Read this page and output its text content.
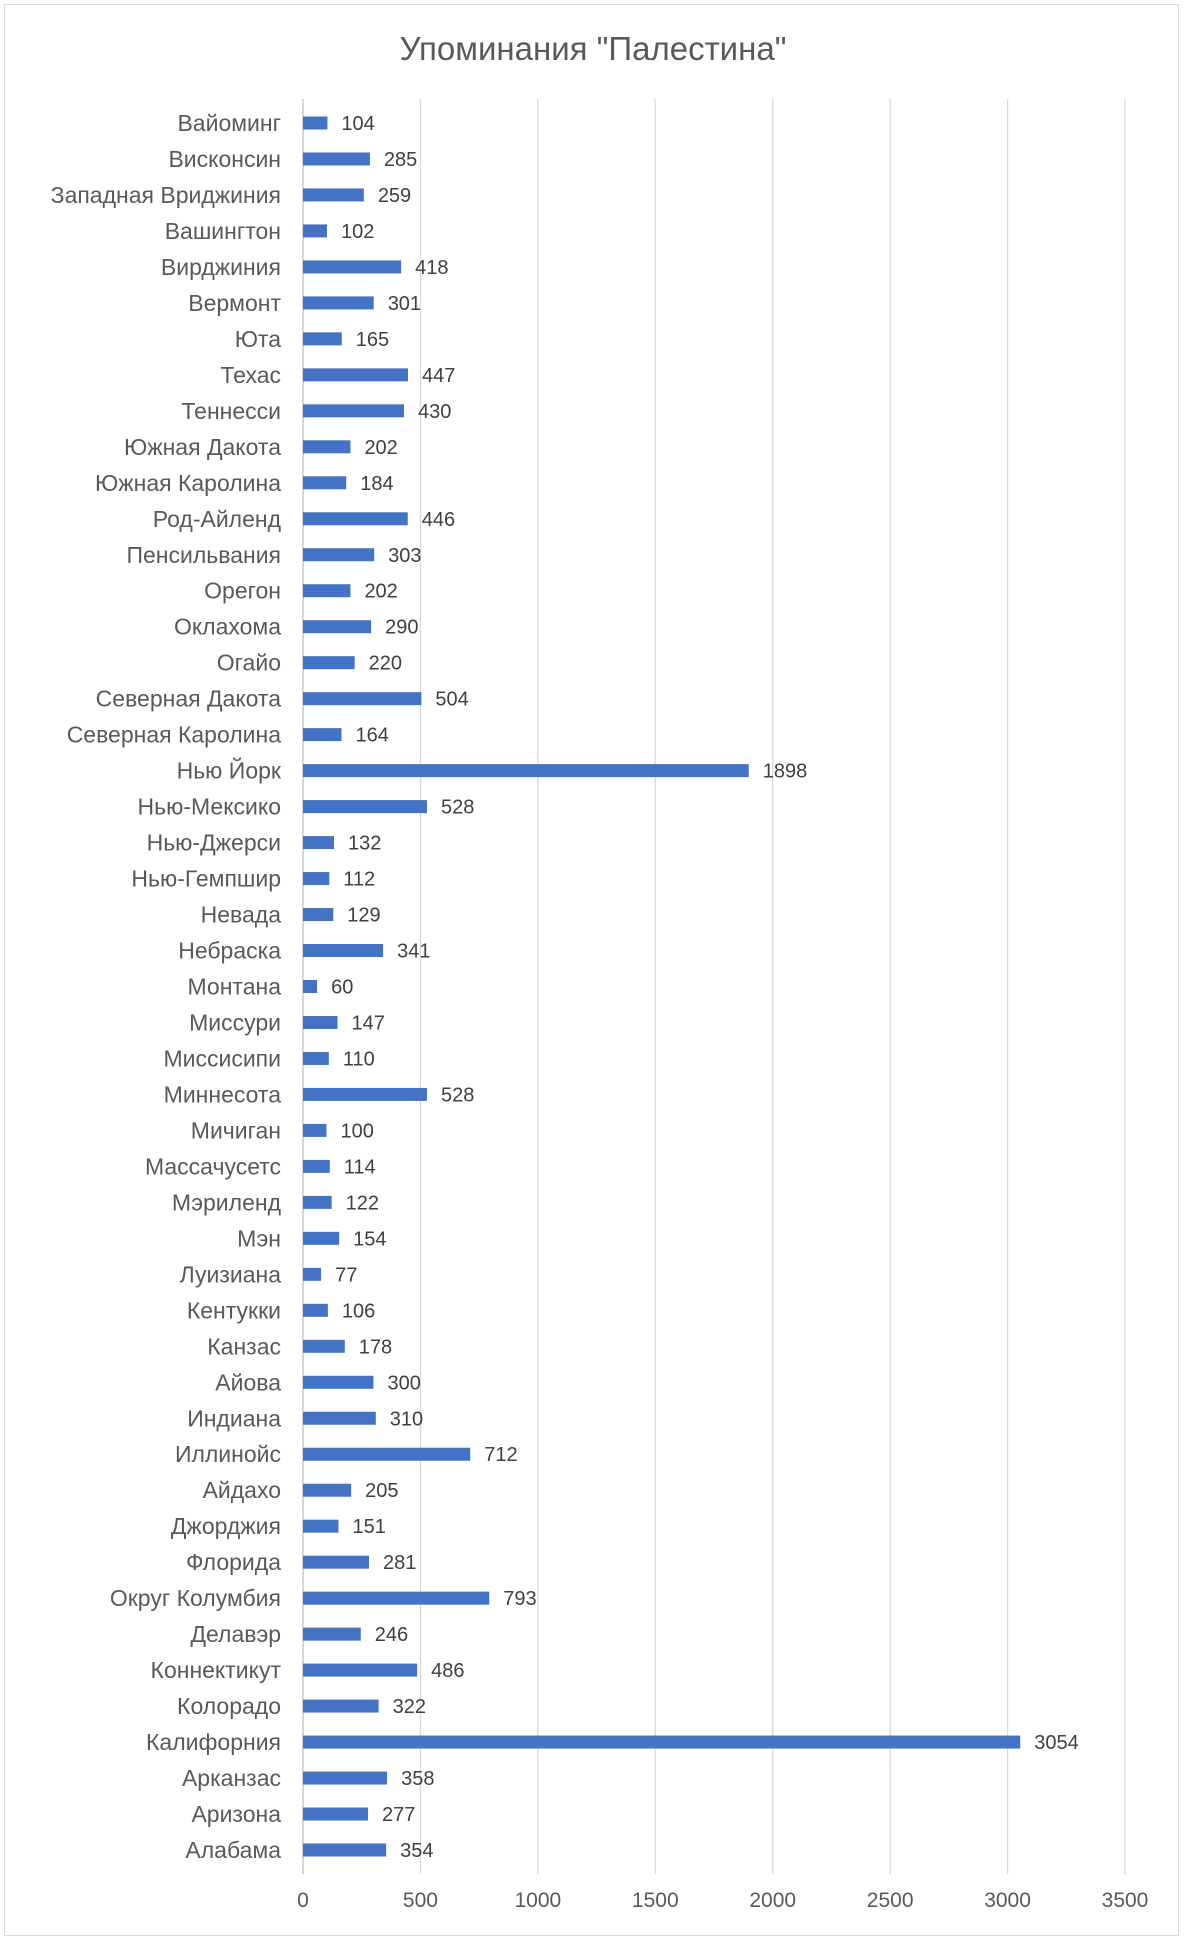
Упоминания "Палестина"
Вайоминг
Висконсин
Западная Вриджиния
Вашингтон
Вирджиния
Вермонт
Юта
Техас
Теннесси
Южная Дакота
Южная Каролина
Род-Айленд
Пенсильвания
Орегон
Оклахома
Огайо
Северная Дакота
Северная Каролина
Нью Йорк
Нью-Мексико
Нью-Джерси
Нью-Гемпшир
Невада
Небраска
Монтана
Миссури
Миссисипи
Миннесота
Мичиган
Массачусетс
Мэриленд
Мэн
Луизиана
Кентукки
Канзас
Айова
Индиана
Иллинойс
Айдахо
Джорджия
Флорида
Округ Колумбия
Делавэр
Коннектикут
Колорадо
Калифорния
Арканзас
Аризона
Алабама
104
285
259
102
418
301
165
447
430
202
184
446
303
202
290
220
504
164
1898
528
132
112
129
341
60
147
110
528
100
114
122
154
77
106
178
300
310
712
205
151
281
793
246
486
322
3054
358
277
354
0	500	1000	1500	2000	2500	3000	3500
